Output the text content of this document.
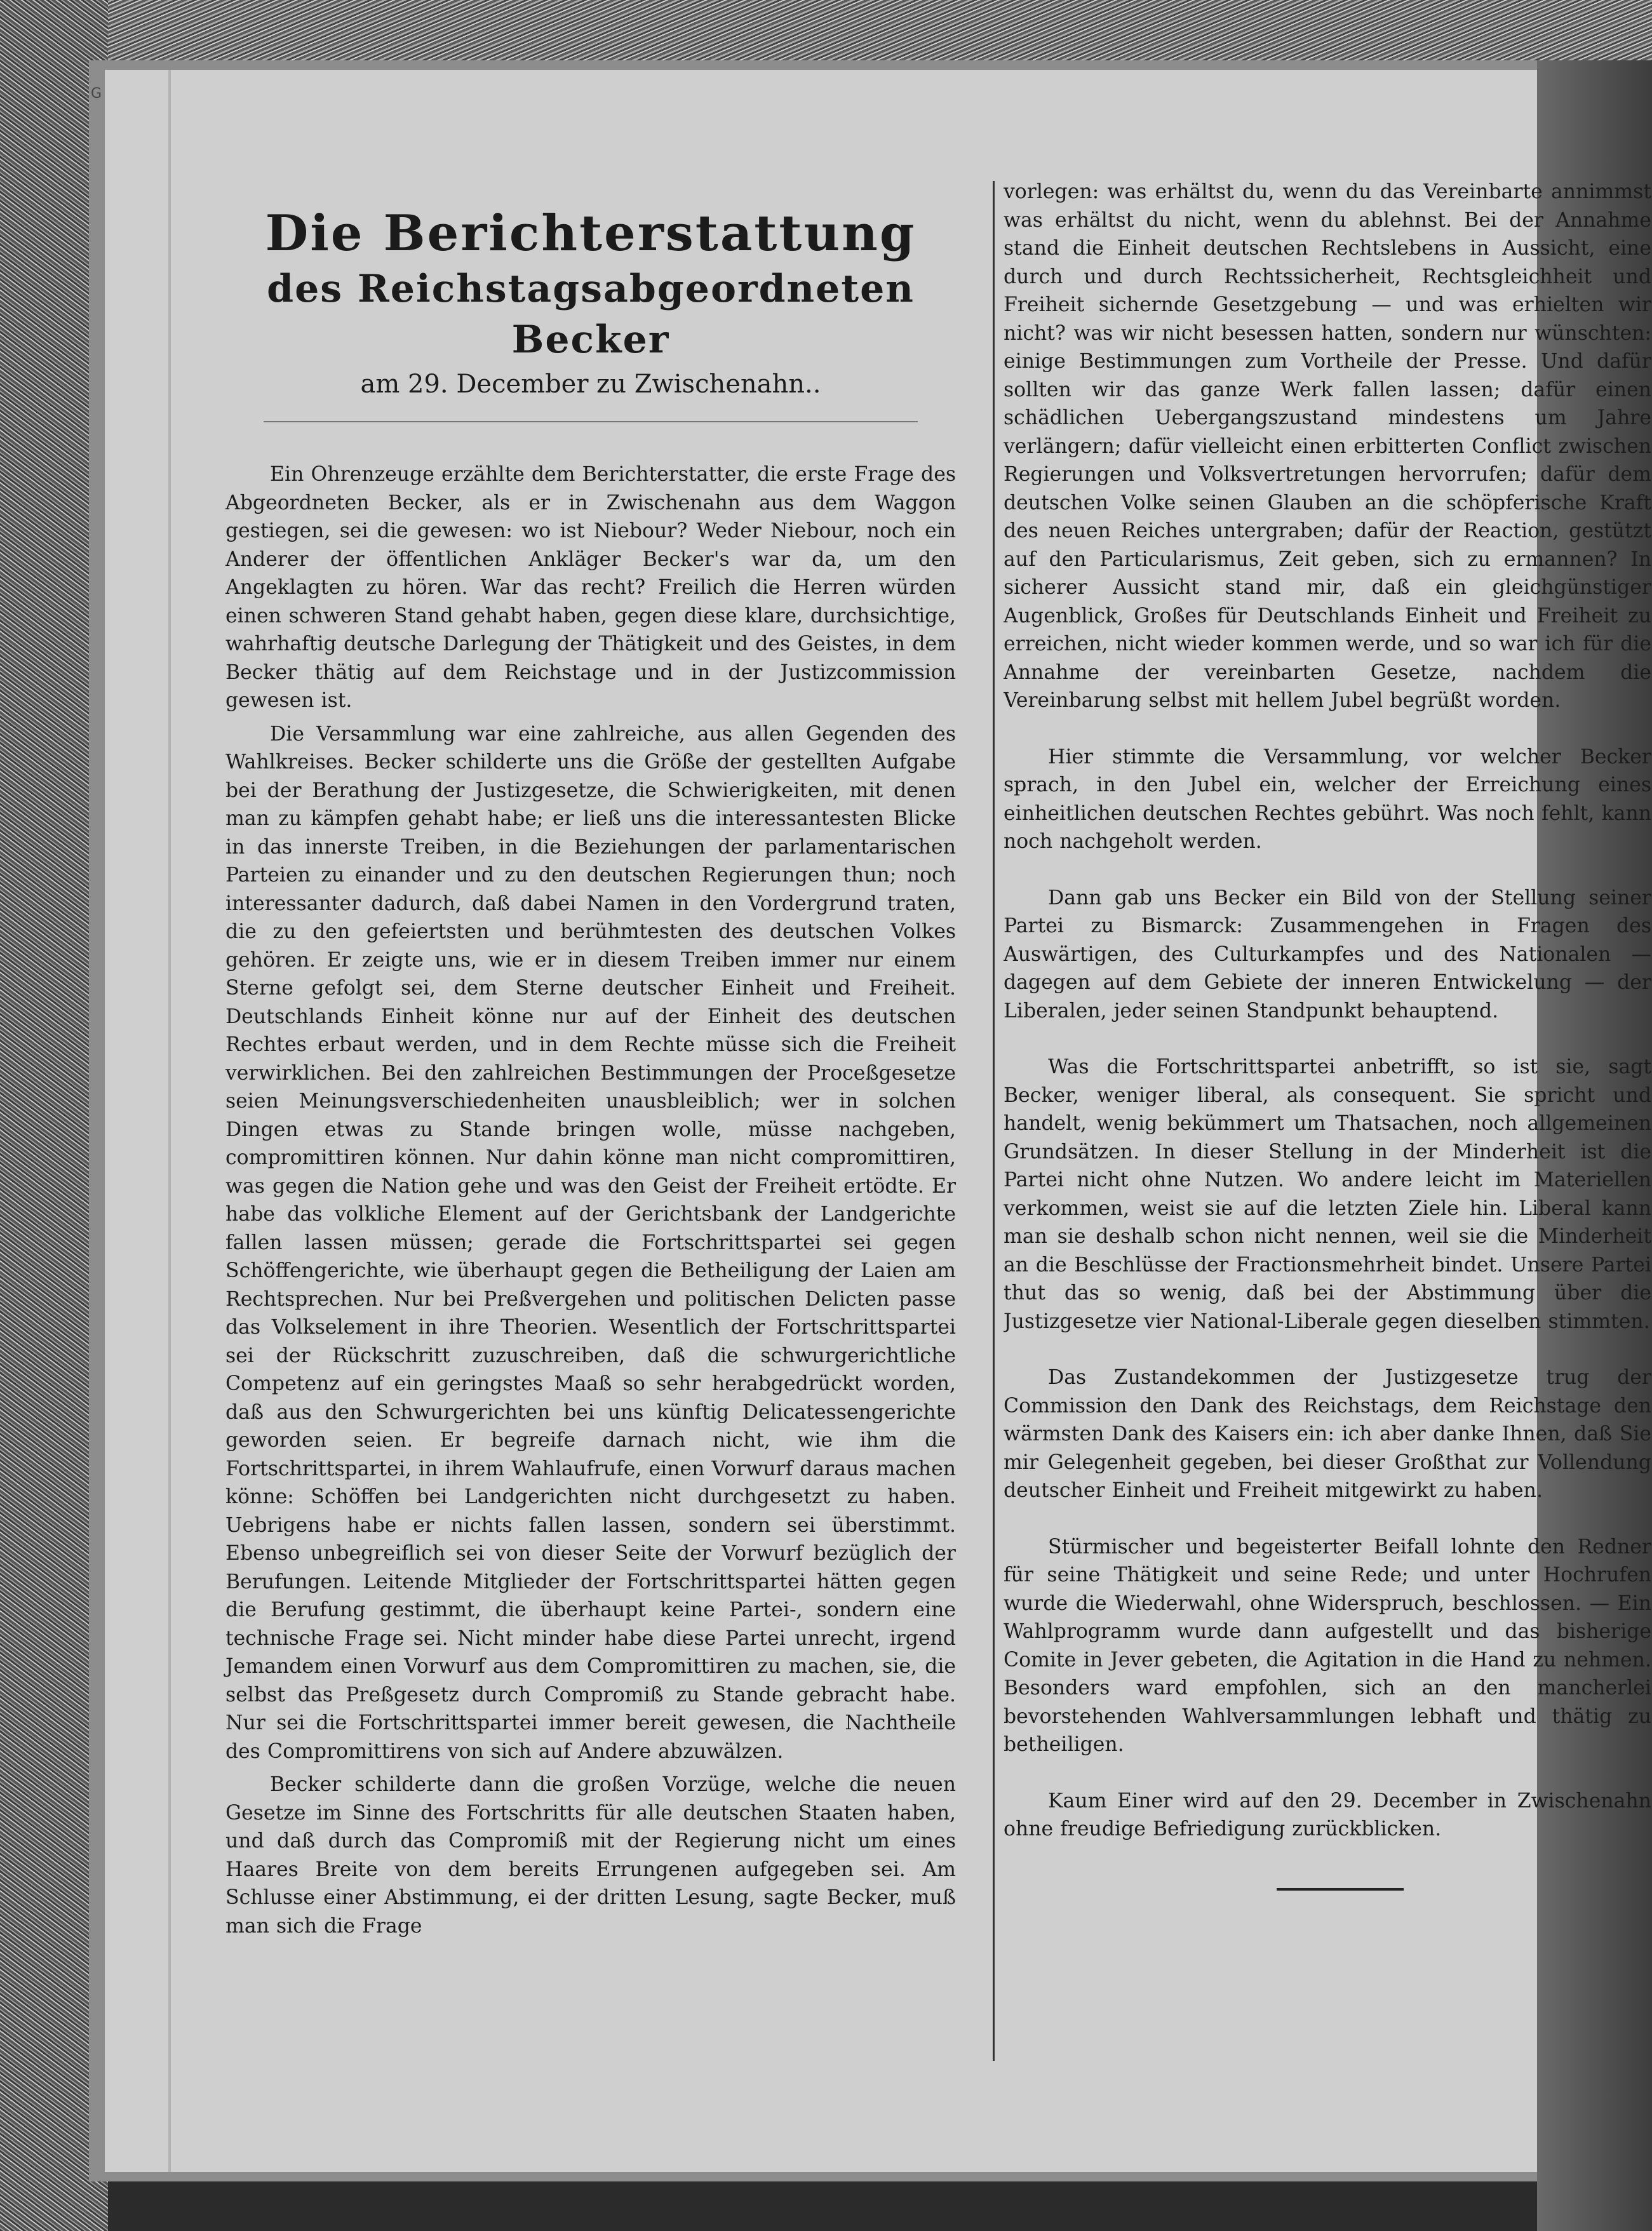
G
Die Berichterstattung
des Reichstagsabgeordneten Becker
am 29. December zu Zwischenahn..

Ein Ohrenzeuge erzählte dem Berichterstatter, die erste Frage des Abgeordneten Becker, als er in Zwischenahn aus dem Waggon gestiegen, sei die gewesen: wo ist Niebour? Weder Niebour, noch ein Anderer der öffentlichen Ankläger Becker's war da, um den Angeklagten zu hören. War das recht? Freilich die Herren würden einen schweren Stand gehabt haben, gegen diese klare, durchsichtige, wahrhaftig deutsche Darlegung der Thätigkeit und des Geistes, in dem Becker thätig auf dem Reichstage und in der Justizcommission gewesen ist.

Die Versammlung war eine zahlreiche, aus allen Gegenden des Wahlkreises. Becker schilderte uns die Größe der gestellten Aufgabe bei der Berathung der Justizgesetze, die Schwierigkeiten, mit denen man zu kämpfen gehabt habe; er ließ uns die interessantesten Blicke in das innerste Treiben, in die Beziehungen der parlamentarischen Parteien zu einander und zu den deutschen Regierungen thun; noch interessanter dadurch, daß dabei Namen in den Vordergrund traten, die zu den gefeiertsten und berühmtesten des deutschen Volkes gehören. Er zeigte uns, wie er in diesem Treiben immer nur einem Sterne gefolgt sei, dem Sterne deutscher Einheit und Freiheit. Deutschlands Einheit könne nur auf der Einheit des deutschen Rechtes erbaut werden, und in dem Rechte müsse sich die Freiheit verwirklichen. Bei den zahlreichen Bestimmungen der Proceßgesetze seien Meinungsverschiedenheiten unausbleiblich; wer in solchen Dingen etwas zu Stande bringen wolle, müsse nachgeben, compromittiren können. Nur dahin könne man nicht compromittiren, was gegen die Nation gehe und was den Geist der Freiheit ertödte. Er habe das volkliche Element auf der Gerichtsbank der Landgerichte fallen lassen müssen; gerade die Fortschrittspartei sei gegen Schöffengerichte, wie überhaupt gegen die Betheiligung der Laien am Rechtsprechen. Nur bei Preßvergehen und politischen Delicten passe das Volkselement in ihre Theorien. Wesentlich der Fortschrittspartei sei der Rückschritt zuzuschreiben, daß die schwurgerichtliche Competenz auf ein geringstes Maaß so sehr herabgedrückt worden, daß aus den Schwurgerichten bei uns künftig Delicatessengerichte geworden seien. Er begreife darnach nicht, wie ihm die Fortschrittspartei, in ihrem Wahlaufrufe, einen Vorwurf daraus machen könne: Schöffen bei Landgerichten nicht durchgesetzt zu haben. Uebrigens habe er nichts fallen lassen, sondern sei überstimmt. Ebenso unbegreiflich sei von dieser Seite der Vorwurf bezüglich der Berufungen. Leitende Mitglieder der Fortschrittspartei hätten gegen die Berufung gestimmt, die überhaupt keine Partei-, sondern eine technische Frage sei. Nicht minder habe diese Partei unrecht, irgend Jemandem einen Vorwurf aus dem Compromittiren zu machen, sie, die selbst das Preßgesetz durch Compromiß zu Stande gebracht habe. Nur sei die Fortschrittspartei immer bereit gewesen, die Nachtheile des Compromittirens von sich auf Andere abzuwälzen.

Becker schilderte dann die großen Vorzüge, welche die neuen Gesetze im Sinne des Fortschritts für alle deutschen Staaten haben, und daß durch das Compromiß mit der Regierung nicht um eines Haares Breite von dem bereits Errungenen aufgegeben sei. Am Schlusse einer Abstimmung, ei der dritten Lesung, sagte Becker, muß man sich die Frage

vorlegen: was erhältst du, wenn du das Vereinbarte annimmst was erhältst du nicht, wenn du ablehnst. Bei der Annahme stand die Einheit deutschen Rechtslebens in Aussicht, eine durch und durch Rechtssicherheit, Rechtsgleichheit und Freiheit sichernde Gesetzgebung — und was erhielten wir nicht? was wir nicht besessen hatten, sondern nur wünschten: einige Bestimmungen zum Vortheile der Presse. Und dafür sollten wir das ganze Werk fallen lassen; dafür einen schädlichen Uebergangszustand mindestens um Jahre verlängern; dafür vielleicht einen erbitterten Conflict zwischen Regierungen und Volksvertretungen hervorrufen; dafür dem deutschen Volke seinen Glauben an die schöpferische Kraft des neuen Reiches untergraben; dafür der Reaction, gestützt auf den Particularismus, Zeit geben, sich zu ermannen? In sicherer Aussicht stand mir, daß ein gleichgünstiger Augenblick, Großes für Deutschlands Einheit und Freiheit zu erreichen, nicht wieder kommen werde, und so war ich für die Annahme der vereinbarten Gesetze, nachdem die Vereinbarung selbst mit hellem Jubel begrüßt worden.

Hier stimmte die Versammlung, vor welcher Becker sprach, in den Jubel ein, welcher der Erreichung eines einheitlichen deutschen Rechtes gebührt. Was noch fehlt, kann noch nachgeholt werden.

Dann gab uns Becker ein Bild von der Stellung seiner Partei zu Bismarck: Zusammengehen in Fragen des Auswärtigen, des Culturkampfes und des Nationalen — dagegen auf dem Gebiete der inneren Entwickelung — der Liberalen, jeder seinen Standpunkt behauptend.

Was die Fortschrittspartei anbetrifft, so ist sie, sagt Becker, weniger liberal, als consequent. Sie spricht und handelt, wenig bekümmert um Thatsachen, noch allgemeinen Grundsätzen. In dieser Stellung in der Minderheit ist die Partei nicht ohne Nutzen. Wo andere leicht im Materiellen verkommen, weist sie auf die letzten Ziele hin. Liberal kann man sie deshalb schon nicht nennen, weil sie die Minderheit an die Beschlüsse der Fractionsmehrheit bindet. Unsere Partei thut das so wenig, daß bei der Abstimmung über die Justizgesetze vier National-Liberale gegen dieselben stimmten.

Das Zustandekommen der Justizgesetze trug der Commission den Dank des Reichstags, dem Reichstage den wärmsten Dank des Kaisers ein: ich aber danke Ihnen, daß Sie mir Gelegenheit gegeben, bei dieser Großthat zur Vollendung deutscher Einheit und Freiheit mitgewirkt zu haben.

Stürmischer und begeisterter Beifall lohnte den Redner für seine Thätigkeit und seine Rede; und unter Hochrufen wurde die Wiederwahl, ohne Widerspruch, beschlossen. — Ein Wahlprogramm wurde dann aufgestellt und das bisherige Comite in Jever gebeten, die Agitation in die Hand zu nehmen. Besonders ward empfohlen, sich an den mancherlei bevorstehenden Wahlversammlungen lebhaft und thätig zu betheiligen.

Kaum Einer wird auf den 29. December in Zwischenahn ohne freudige Befriedigung zurückblicken.
